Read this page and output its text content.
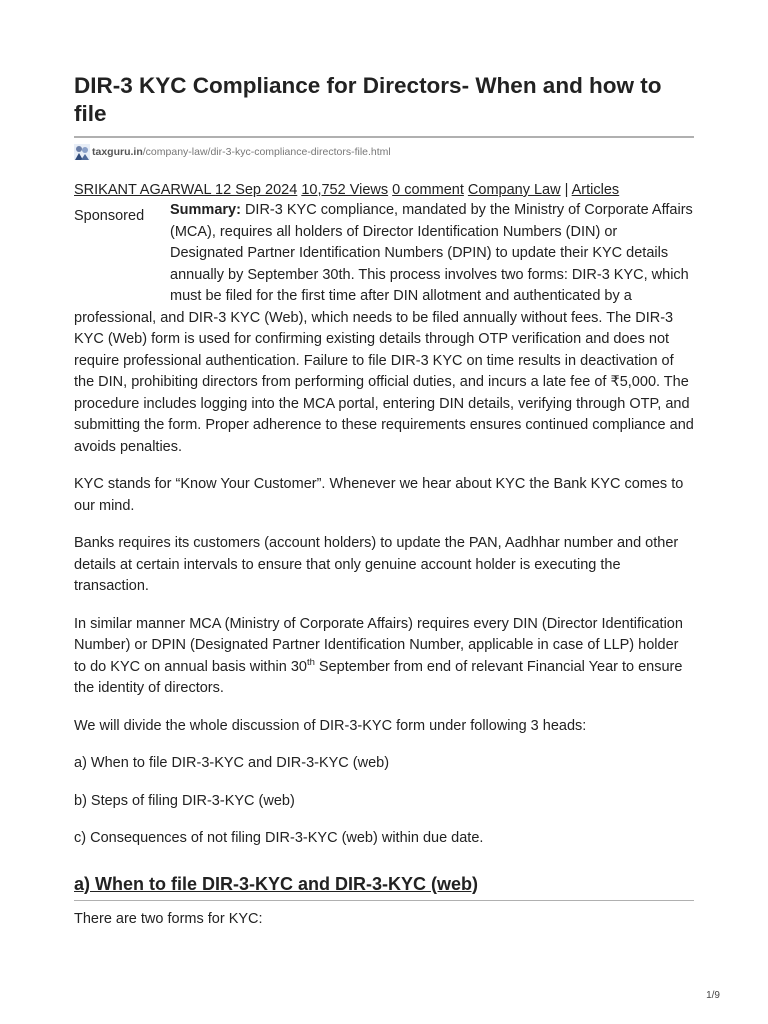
DIR-3 KYC Compliance for Directors- When and how to file
taxguru.in /company-law/dir-3-kyc-compliance-directors-file.html
SRIKANT AGARWAL 12 Sep 2024 10,752 Views 0 comment Company Law | Articles
Sponsored	Summary: DIR-3 KYC compliance, mandated by the Ministry of Corporate Affairs (MCA), requires all holders of Director Identification Numbers (DIN) or Designated Partner Identification Numbers (DPIN) to update their KYC details annually by September 30th. This process involves two forms: DIR-3 KYC, which must be filed for the first time after DIN allotment and authenticated by a professional, and DIR-3 KYC (Web), which needs to be filed annually without fees. The DIR-3 KYC (Web) form is used for confirming existing details through OTP verification and does not require professional authentication. Failure to file DIR-3 KYC on time results in deactivation of the DIN, prohibiting directors from performing official duties, and incurs a late fee of ₹5,000. The procedure includes logging into the MCA portal, entering DIN details, verifying through OTP, and submitting the form. Proper adherence to these requirements ensures continued compliance and avoids penalties.

KYC stands for “Know Your Customer”. Whenever we hear about KYC the Bank KYC comes to our mind.

Banks requires its customers (account holders) to update the PAN, Aadhhar number and other details at certain intervals to ensure that only genuine account holder is executing the transaction.

In similar manner MCA (Ministry of Corporate Affairs) requires every DIN (Director Identification Number) or DPIN (Designated Partner Identification Number, applicable in case of LLP) holder to do KYC on annual basis within 30th September from end of relevant Financial Year to ensure the identity of directors.

We will divide the whole discussion of DIR-3-KYC form under following 3 heads:

a) When to file DIR-3-KYC and DIR-3-KYC (web)

b) Steps of filing DIR-3-KYC (web)

c) Consequences of not filing DIR-3-KYC (web) within due date.

a) When to file DIR-3-KYC and DIR-3-KYC (web)

There are two forms for KYC:

1/9
